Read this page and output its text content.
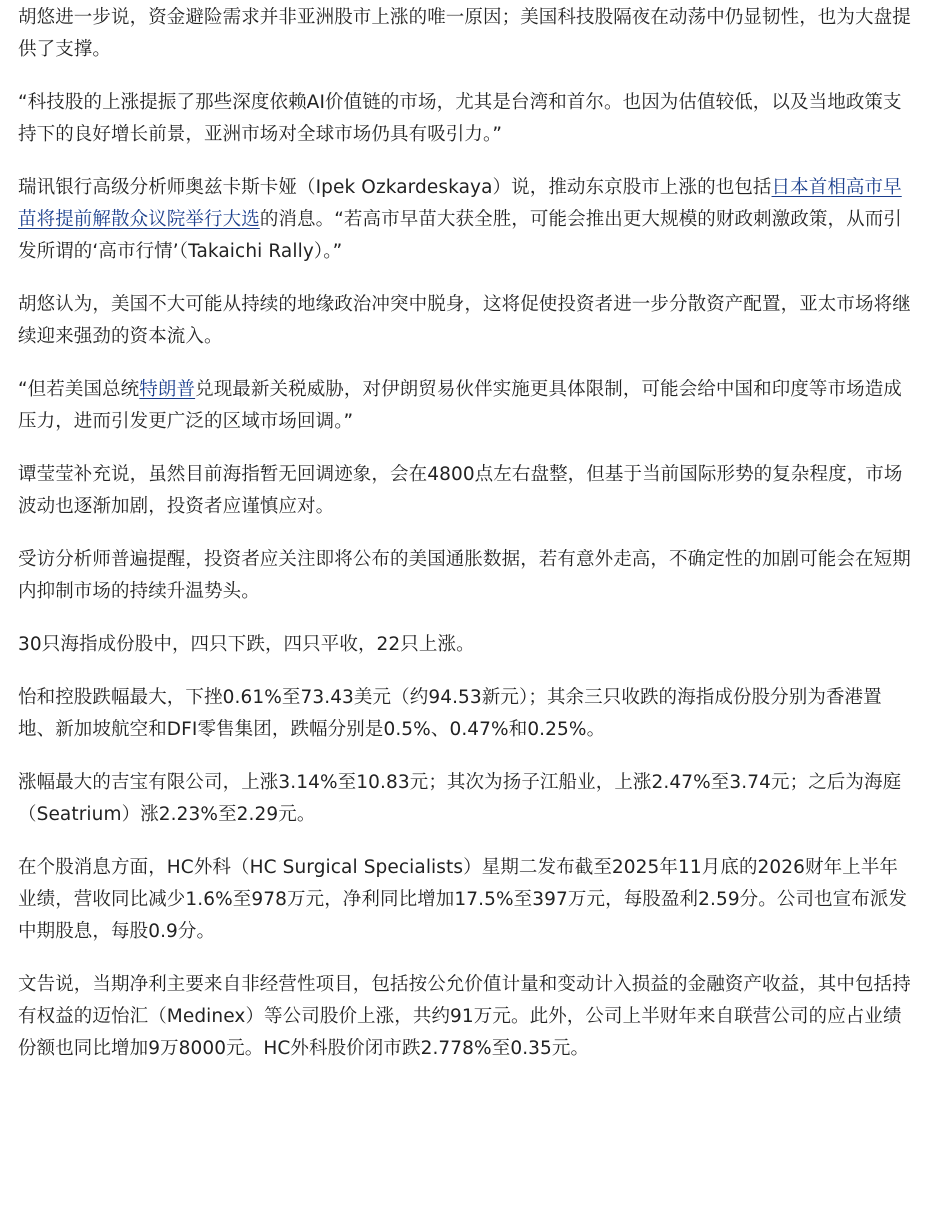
胡悠进一步说，资金避险需求并非亚洲股市上涨的唯一原因；美国科技股隔夜在动荡中仍显韧性，也为大盘提供了支撑。

“科技股的上涨提振了那些深度依赖AI价值链的市场，尤其是台湾和首尔。也因为估值较低，以及当地政策支持下的良好增长前景，亚洲市场对全球市场仍具有吸引力。”

瑞讯银行高级分析师奥兹卡斯卡娅（Ipek Ozkardeskaya）说，推动东京股市上涨的也包括日本首相高市早苗将提前解散众议院举行大选的消息。“若高市早苗大获全胜，可能会推出更大规模的财政刺激政策，从而引发所谓的‘高市行情’（Takaichi Rally）。”

胡悠认为，美国不大可能从持续的地缘政治冲突中脱身，这将促使投资者进一步分散资产配置，亚太市场将继续迎来强劲的资本流入。

“但若美国总统特朗普兑现最新关税威胁，对伊朗贸易伙伴实施更具体限制，可能会给中国和印度等市场造成压力，进而引发更广泛的区域市场回调。”

谭莹莹补充说，虽然目前海指暂无回调迹象，会在4800点左右盘整，但基于当前国际形势的复杂程度，市场波动也逐渐加剧，投资者应谨慎应对。

受访分析师普遍提醒，投资者应关注即将公布的美国通胀数据，若有意外走高，不确定性的加剧可能会在短期内抑制市场的持续升温势头。

30只海指成份股中，四只下跌，四只平收，22只上涨。

怡和控股跌幅最大，下挫0.61%至73.43美元（约94.53新元）；其余三只收跌的海指成份股分别为香港置地、新加坡航空和DFI零售集团，跌幅分别是0.5%、0.47%和0.25%。

涨幅最大的吉宝有限公司，上涨3.14%至10.83元；其次为扬子江船业，上涨2.47%至3.74元；之后为海庭（Seatrium）涨2.23%至2.29元。

在个股消息方面，HC外科（HC Surgical Specialists）星期二发布截至2025年11月底的2026财年上半年业绩，营收同比减少1.6%至978万元，净利同比增加17.5%至397万元，每股盈利2.59分。公司也宣布派发中期股息，每股0.9分。

文告说，当期净利主要来自非经营性项目，包括按公允价值计量和变动计入损益的金融资产收益，其中包括持有权益的迈怡汇（Medinex）等公司股价上涨，共约91万元。此外，公司上半财年来自联营公司的应占业绩份额也同比增加9万8000元。HC外科股价闭市跌2.778%至0.35元。
